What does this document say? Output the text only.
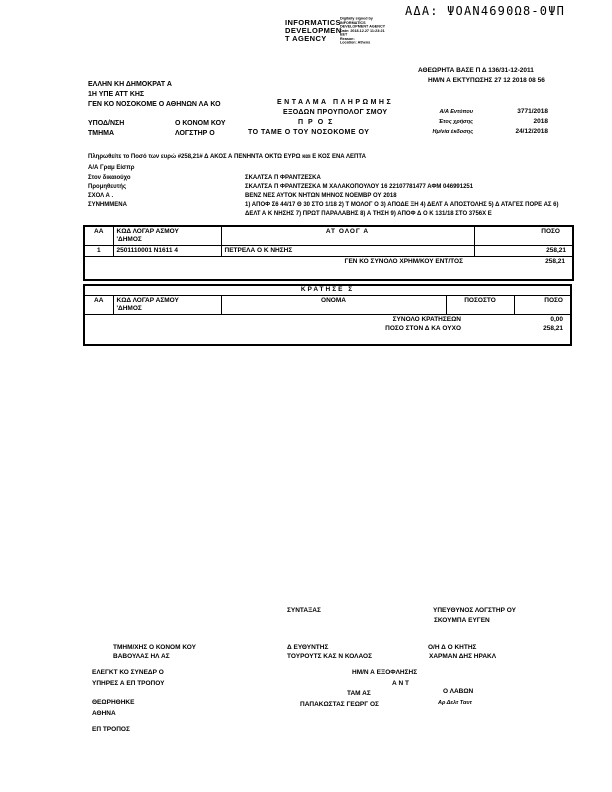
ΑΔΑ: ΨΟΑΝ4690Ω8-0ΨΠ
INFORMATICS
DEVELOPMEN
T AGENCY
Digitally signed by
INFORMATICS
DEVELOPMENT AGENCY
Date: 2018.12.27 11:23:21
EET
Reason:
Location: Athens
ΕΛΛΗΝ ΚΗ ΔΗΜΟΚΡΑΤ Α
1Η ΥΠΕ ΑΤΤ ΚΗΣ
ΓΕΝ ΚΟ ΝΟΣΟΚΟΜΕ Ο ΑΘΗΝΩΝ ΛΑ ΚΟ
ΑΘΕΩΡΗΤΑ ΒΑΣΕ Π Δ 136/31-12-2011
ΗΜ/Ν Α ΕΚΤΥΠΩΣΗΣ 27 12 2018 08 56
ΕΝΤΑΛΜΑ ΠΛΗΡΩΜΗΣ
ΕΞΟΔΩΝ ΠΡΟΥΠΟΛΟΓ ΣΜΟΥ
ΠΡΟΣ
ΤΟ ΤΑΜΕ Ο ΤΟΥ ΝΟΣΟΚΟΜΕ ΟΥ
ΥΠΟΔ/ΝΣΗ	Ο ΚΟΝΟΜ ΚΟΥ
ΤΜΗΜΑ	ΛΟΓΣΤΗΡ Ο
Α/Α Εντύπου	3771/2018
Έτος χρήσης	2018
Ημ/νία έκδοσης	24/12/2018
Πληρωθείτε το Ποσό των ευρώ #258,21# Δ ΑΚΟΣ Α ΠΕΝΗΝΤΑ ΟΚΤΩ ΕΥΡΩ και Ε ΚΟΣ ΕΝΑ ΛΕΠΤΑ
Α/Α Γραμ Είσπρ
Στον δικαιούχο	ΣΚΑΛΤΣΑ Π ΦΡΑΝΤΖΕΣΚΑ
Προμηθευτής	ΣΚΑΛΤΣΑ Π ΦΡΑΝΤΖΕΣΚΑ Μ ΧΑΛΑΚΟΠΟΥΛΟΥ 16 22107781477 ΑΦΜ 046991251
ΣΧΟΛ Α .	ΒΕΝΖ ΝΕΣ ΑΥΤΟΚ ΝΗΤΩΝ ΜΗΝΟΣ ΝΟΕΜΒΡ ΟΥ 2018
ΣΥΝΗΜΜΕΝΑ	1) ΑΠΟΦ Σ6 44/17 Θ 30 ΣΤΟ 1/18 2) Τ ΜΟΛΟΓ Ο 3) ΑΠΟΔΕ ΞΗ 4) ΔΕΛΤ Α ΑΠΟΣΤΟΛΗΣ 5) Δ ΑΤΑΓΕΣ ΠΟΡΕ ΑΣ 6)
ΔΕΛΤ Α Κ ΝΗΣΗΣ 7) ΠΡΩΤ ΠΑΡΑΛΑΒΗΣ 8) Α ΤΗΣΗ 9) ΑΠΟΦ Δ Ο Κ 131/18 ΣΤΟ 3756Χ Ε
ΑΑ	ΚΩΔ ΛΟΓΑΡ ΑΣΜΟΥ
'ΔΗΜΟΣ	ΑΤ ΟΛΟΓ Α	ΠΟΣΟ
1	2501110001 Ν1611 4	ΠΕΤΡΕΛΑ Ο Κ ΝΗΣΗΣ	258,21

ΓΕΝ ΚΟ ΣΥΝΟΛΟ ΧΡΗΜ/ΚΟΥ ΕΝΤ/ΤΟΣ 258,21			
ΚΡΑΤΗΣΕ Σ
ΑΑ	ΚΩΔ ΛΟΓΑΡ ΑΣΜΟΥ
'ΔΗΜΟΣ
	ΟΝΟΜΑ	ΠΟΣΟΣΤΟ	ΠΟΣΟ

ΣΥΝΟΛΟ ΚΡΑΤΗΣΕΩΝ	0,00
ΠΟΣΟ ΣΤΟΝ Δ ΚΑ ΟΥΧΟ	258,21
ΣΥΝΤΑΞΑΣ	ΥΠΕΥΘΥΝΟΣ ΛΟΓΣΤΗΡ ΟΥ
ΣΚΟΥΜΠΑ ΕΥΓΕΝ
ΤΜΗΜ/ΧΗΣ Ο ΚΟΝΟΜ ΚΟΥ
ΒΑΒΟΥΛΑΣ ΗΛ ΑΣ
Δ ΕΥΘΥΝΤΗΣ
ΤΟΥΡΟΥΤΣ ΚΑΣ Ν ΚΟΛΑΟΣ
Ο/Η Δ Ο ΚΗΤΗΣ
ΧΑΡΜΑΝ ΔΗΣ ΗΡΑΚΛ
ΕΛΕΓΚΤ ΚΟ ΣΥΝΕΔΡ Ο
ΥΠΗΡΕΣ Α ΕΠ ΤΡΟΠΟΥ
ΗΜ/Ν Α ΕΞΟΦΛΗΣΗΣ
Α Ν Τ
ΤΑΜ ΑΣ	Ο ΛΑΒΩΝ
ΘΕΩΡΗΘΗΚΕ	ΠΑΠΑΚΩΣΤΑΣ ΓΕΩΡΓ ΟΣ	Αρ Δελτ Ταυτ
ΑΘΗΝΑ
ΕΠ ΤΡΟΠΟΣ
